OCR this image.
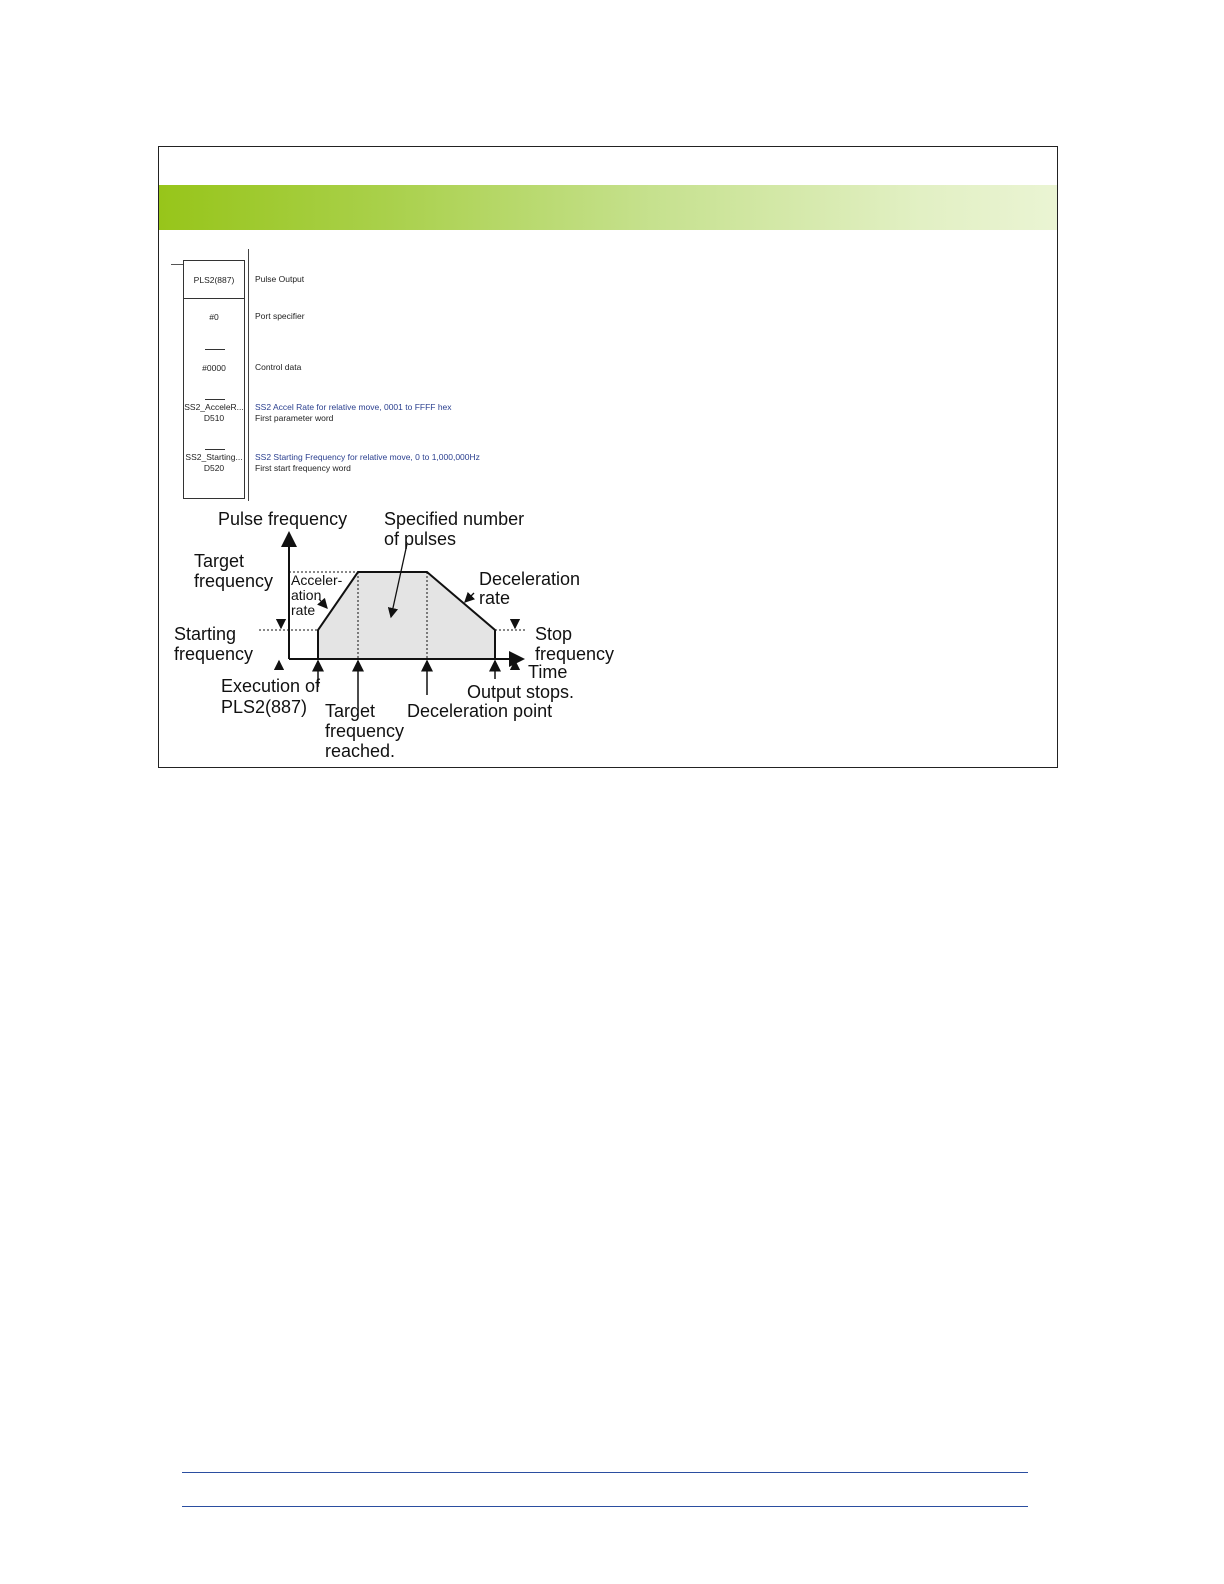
PLS2(887)
#0
#0000
SS2_AcceleR...
D510
SS2_Starting...
D520
Pulse Output
Port specifier
Control data
SS2 Accel Rate for relative move, 0001 to FFFF hex
First parameter word
SS2 Starting Frequency for relative move, 0 to 1,000,000Hz
First start frequency word
Pulse frequency Specified number
of pulses
Target
frequency Acceler-
ation
rate
Deceleration
rate
Starting
frequency
Stop
frequency
Time
Execution of
PLS2(887) Target
frequency
reached.
Deceleration point
Output stops.
